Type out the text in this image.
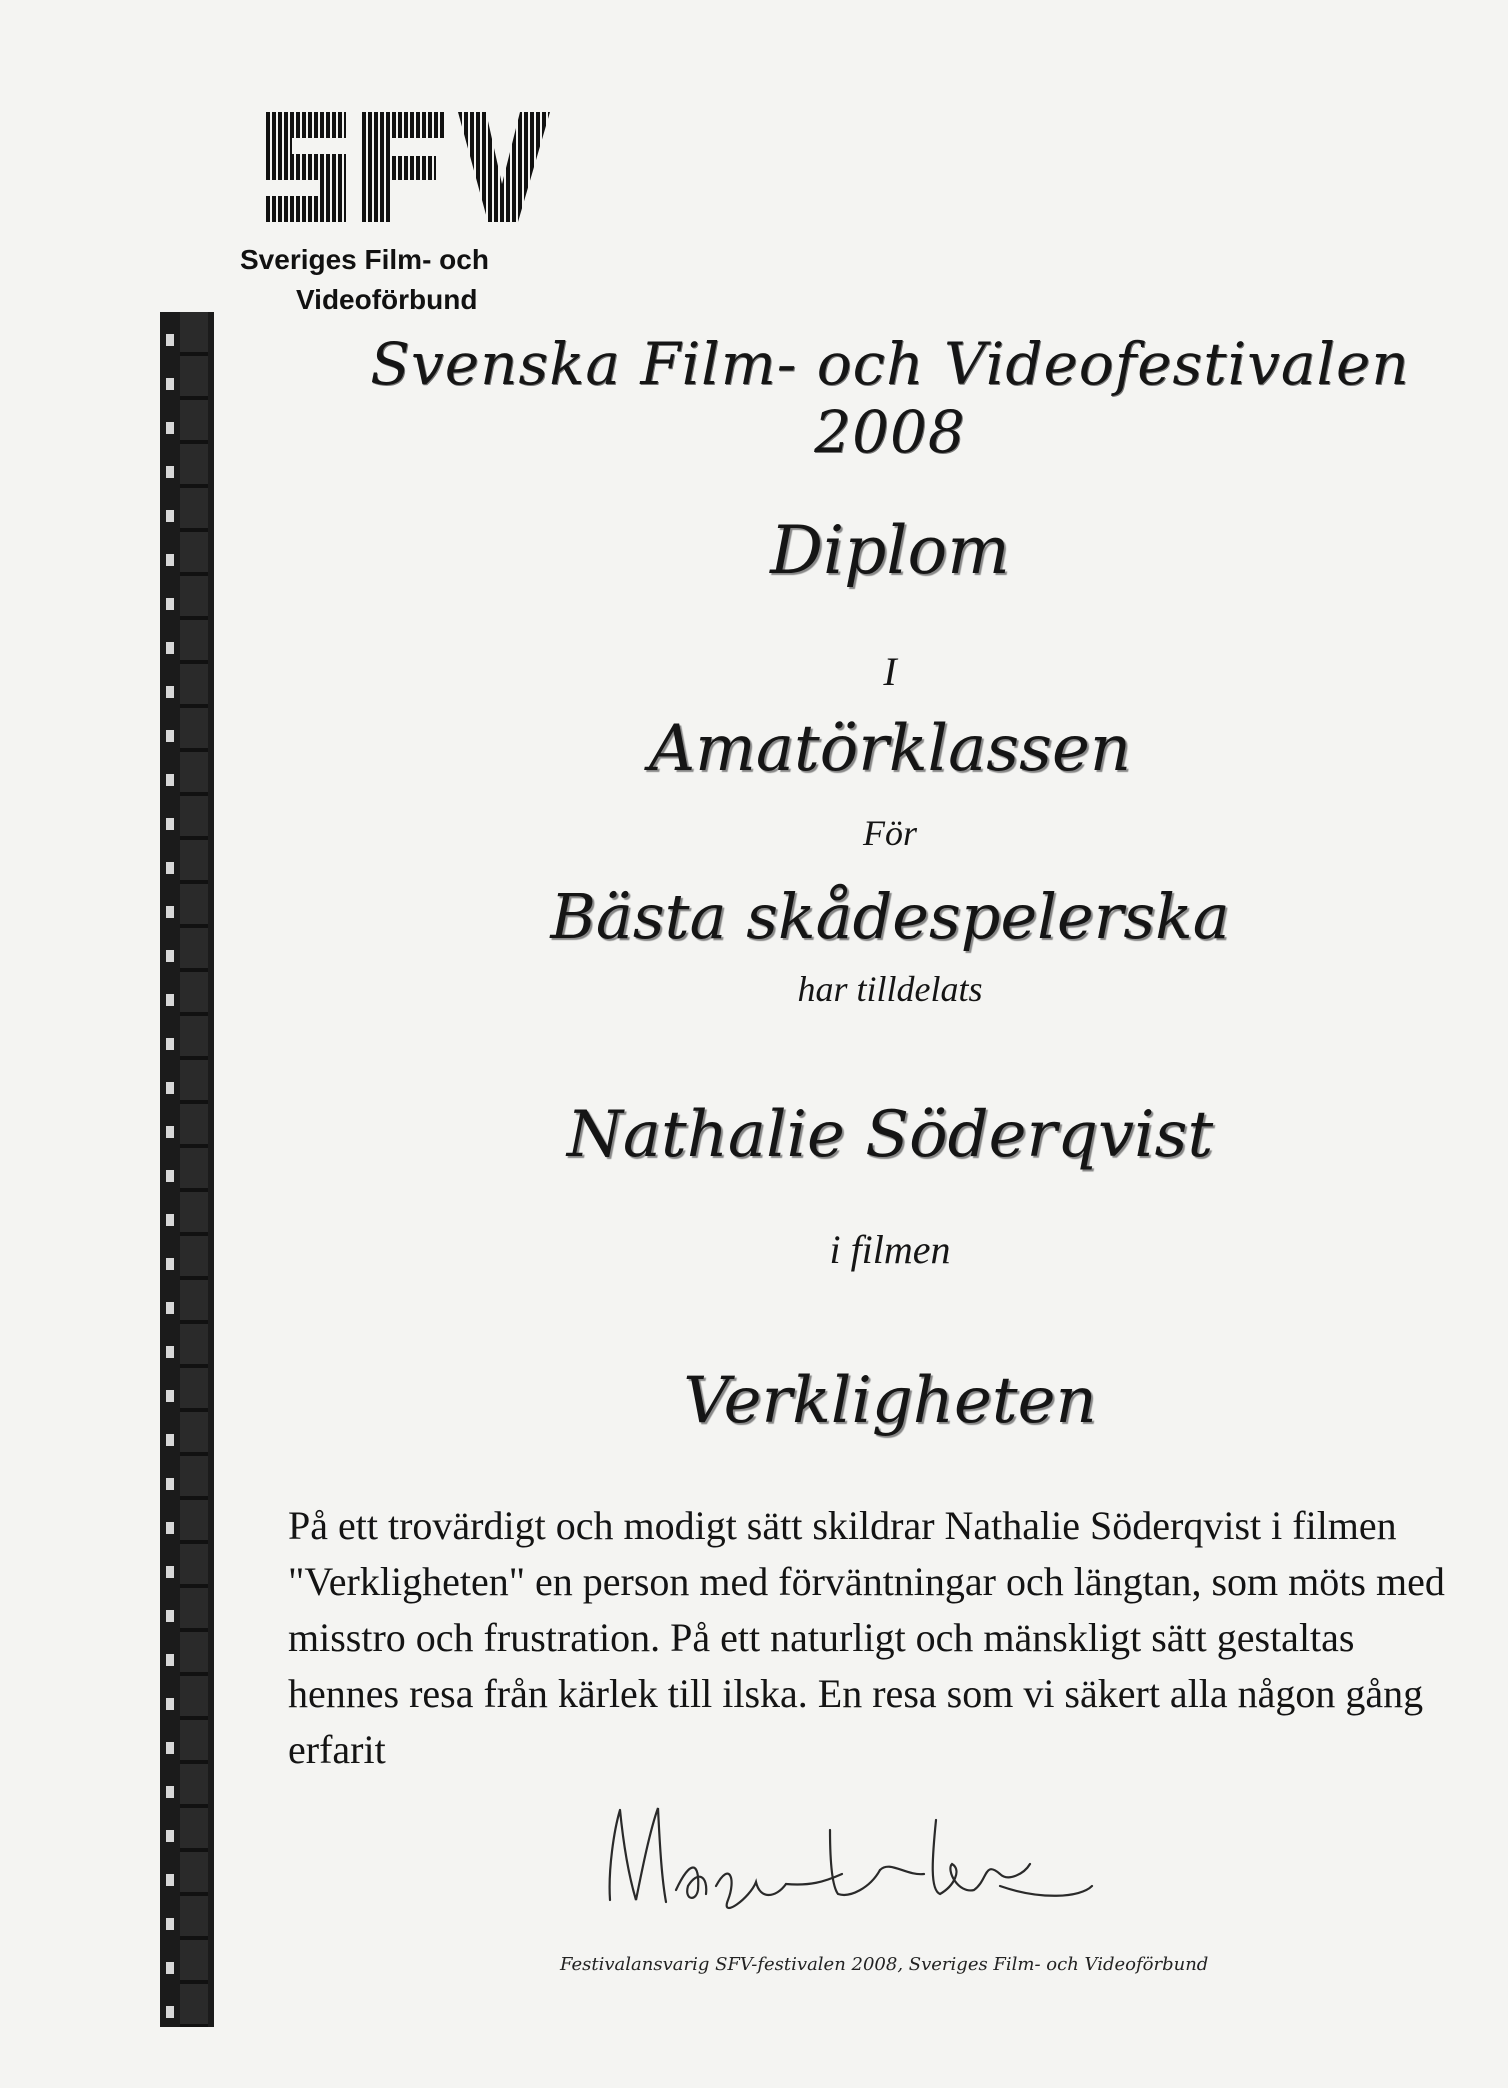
Sveriges Film- och
Videoförbund
Svenska Film- och Videofestivalen 2008
Diplom
I
Amatörklassen
För
Bästa skådespelerska
har tilldelats
Nathalie Söderqvist
i filmen
Verkligheten
På ett trovärdigt och modigt sätt skildrar Nathalie Söderqvist i filmen "Verkligheten" en person med förväntningar och längtan, som möts med misstro och frustration. På ett naturligt och mänskligt sätt gestaltas hennes resa från kärlek till ilska. En resa som vi säkert alla någon gång erfarit
Festivalansvarig SFV-festivalen 2008, Sveriges Film- och Videoförbund
